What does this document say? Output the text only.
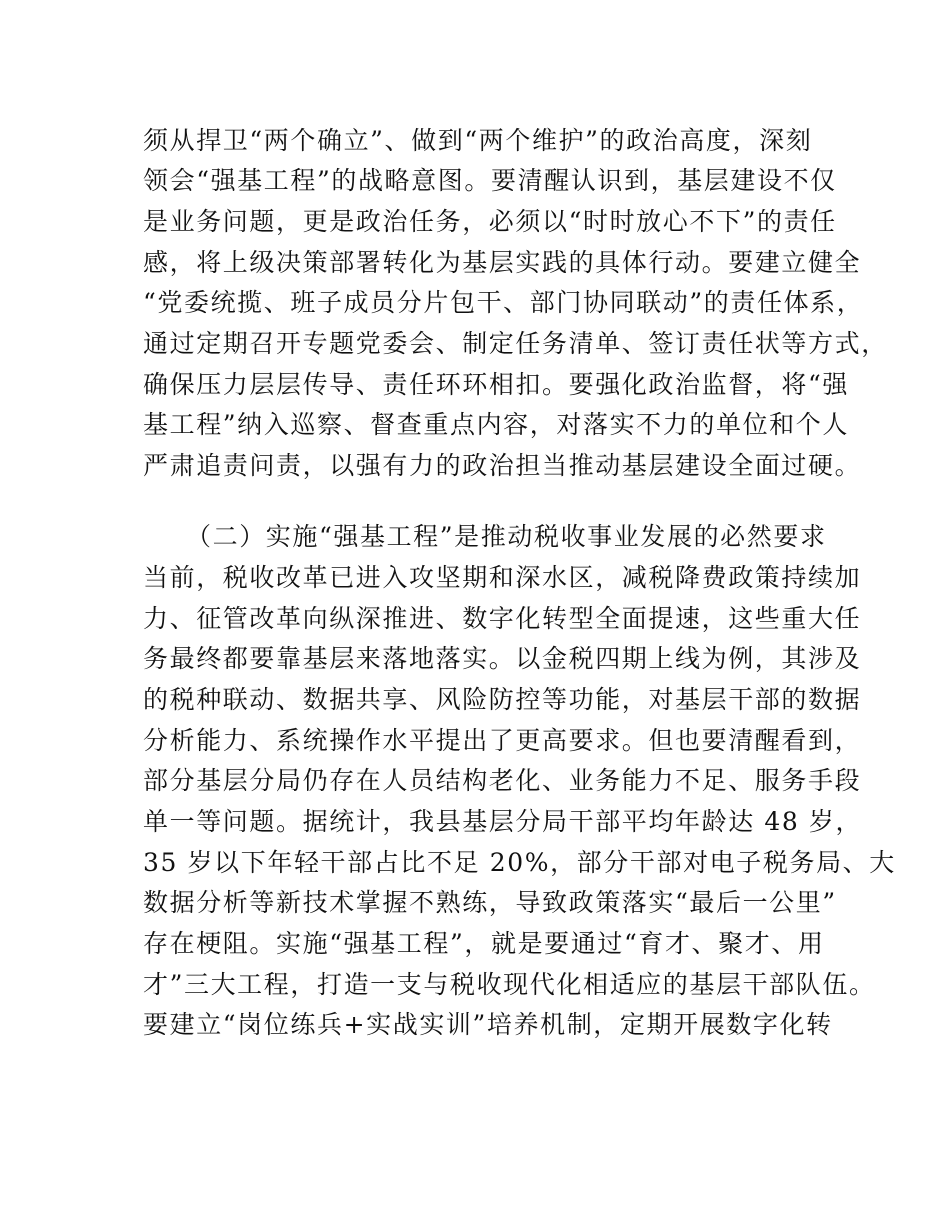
须从捍卫“两个确立”、做到“两个维护”的政治高度，深刻
领会“强基工程”的战略意图。要清醒认识到，基层建设不仅
是业务问题，更是政治任务，必须以“时时放心不下”的责任
感，将上级决策部署转化为基层实践的具体行动。要建立健全
“党委统揽、班子成员分片包干、部门协同联动”的责任体系，
通过定期召开专题党委会、制定任务清单、签订责任状等方式，
确保压力层层传导、责任环环相扣。要强化政治监督，将“强
基工程”纳入巡察、督查重点内容，对落实不力的单位和个人
严肃追责问责，以强有力的政治担当推动基层建设全面过硬。
（二）实施“强基工程”是推动税收事业发展的必然要求
当前，税收改革已进入攻坚期和深水区，减税降费政策持续加
力、征管改革向纵深推进、数字化转型全面提速，这些重大任
务最终都要靠基层来落地落实。以金税四期上线为例，其涉及
的税种联动、数据共享、风险防控等功能，对基层干部的数据
分析能力、系统操作水平提出了更高要求。但也要清醒看到，
部分基层分局仍存在人员结构老化、业务能力不足、服务手段
单一等问题。据统计，我县基层分局干部平均年龄达 48 岁，
35 岁以下年轻干部占比不足 20%，部分干部对电子税务局、大
数据分析等新技术掌握不熟练，导致政策落实“最后一公里”
存在梗阻。实施“强基工程”，就是要通过“育才、聚才、用
才”三大工程，打造一支与税收现代化相适应的基层干部队伍。
要建立“岗位练兵+实战实训”培养机制，定期开展数字化转
